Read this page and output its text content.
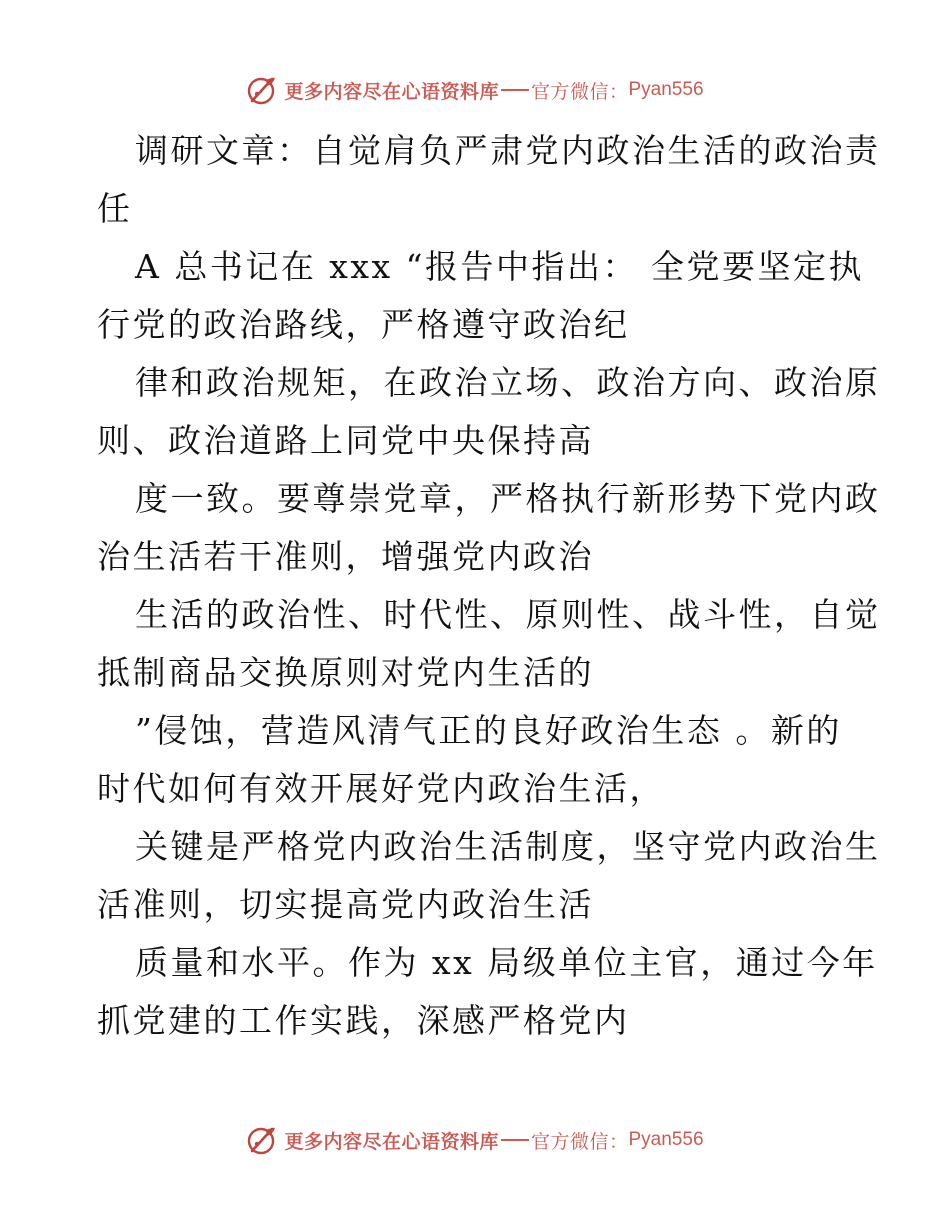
更多内容尽在心语资料库 官方微信： Pyan556
调研文章：自觉肩负严肃党内政治生活的政治责
任
A 总书记在 xxx “报告中指出： 全党要坚定执
行党的政治路线，严格遵守政治纪
律和政治规矩，在政治立场、政治方向、政治原
则、政治道路上同党中央保持高
度一致。要尊崇党章，严格执行新形势下党内政
治生活若干准则，增强党内政治
生活的政治性、时代性、原则性、战斗性，自觉
抵制商品交换原则对党内生活的
”侵蚀，营造风清气正的良好政治生态 。新的
时代如何有效开展好党内政治生活，
关键是严格党内政治生活制度，坚守党内政治生
活准则，切实提高党内政治生活
质量和水平。作为 xx 局级单位主官，通过今年
抓党建的工作实践，深感严格党内
更多内容尽在心语资料库 官方微信： Pyan556
